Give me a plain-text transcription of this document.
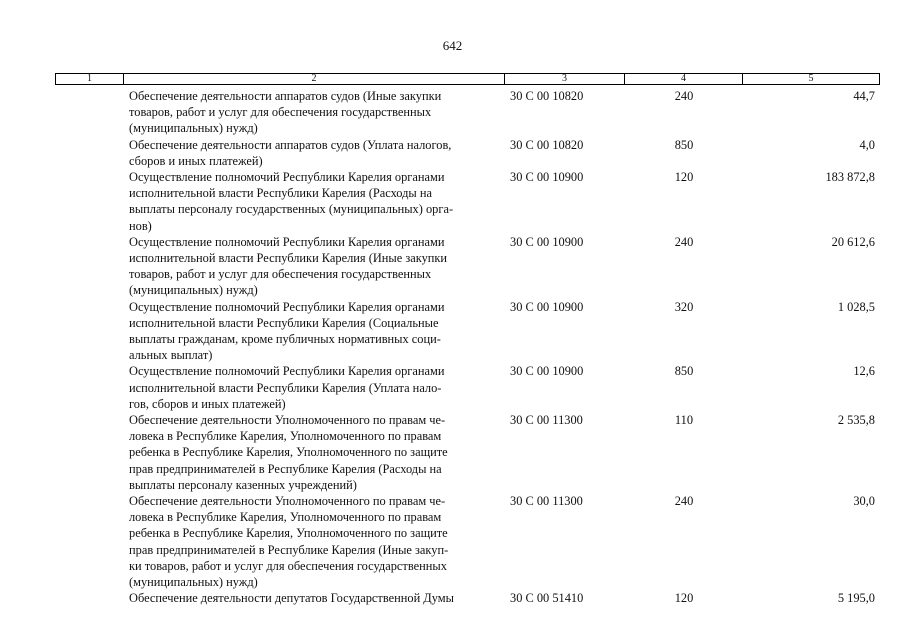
642
1	2	3	4	5
Обеспечение деятельности аппаратов судов (Иные закупки
товаров, работ и услуг для обеспечения государственных
(муниципальных) нужд)
30 С 00 10820	240	44,7
Обеспечение деятельности аппаратов судов (Уплата налогов,
сборов и иных платежей)
30 С 00 10820	850	4,0
Осуществление полномочий Республики Карелия органами
исполнительной власти Республики Карелия (Расходы на
выплаты персоналу государственных (муниципальных) орга-
нов)
30 С 00 10900	120	183 872,8
Осуществление полномочий Республики Карелия органами
исполнительной власти Республики Карелия (Иные закупки
товаров, работ и услуг для обеспечения государственных
(муниципальных) нужд)
30 С 00 10900	240	20 612,6
Осуществление полномочий Республики Карелия органами
исполнительной власти Республики Карелия (Социальные
выплаты гражданам, кроме публичных нормативных соци-
альных выплат)
30 С 00 10900	320	1 028,5
Осуществление полномочий Республики Карелия органами
исполнительной власти Республики Карелия (Уплата нало-
гов, сборов и иных платежей)
30 С 00 10900	850	12,6
Обеспечение деятельности Уполномоченного по правам че-
ловека в Республике Карелия, Уполномоченного по правам
ребенка в Республике Карелия, Уполномоченного по защите
прав предпринимателей в Республике Карелия (Расходы на
выплаты персоналу казенных учреждений)
30 С 00 11300	110	2 535,8
Обеспечение деятельности Уполномоченного по правам че-
ловека в Республике Карелия, Уполномоченного по правам
ребенка в Республике Карелия, Уполномоченного по защите
прав предпринимателей в Республике Карелия (Иные закуп-
ки товаров, работ и услуг для обеспечения государственных
(муниципальных) нужд)
30 С 00 11300	240	30,0
Обеспечение деятельности депутатов Государственной Думы	30 С 00 51410	120	5 195,0
